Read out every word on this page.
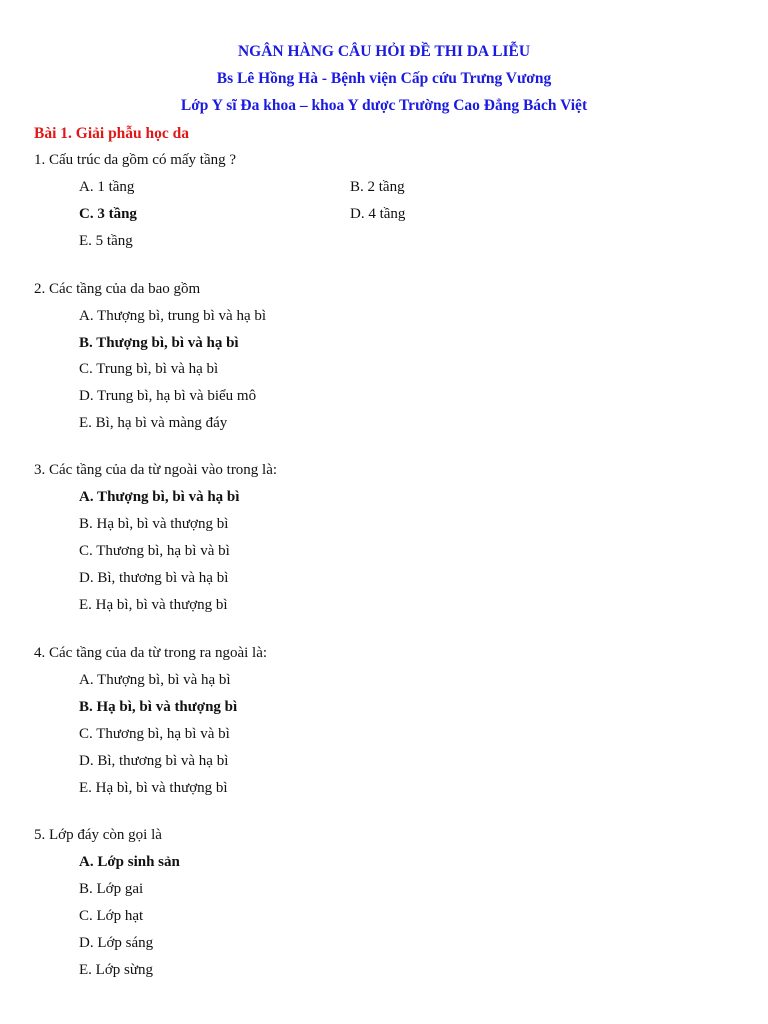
NGÂN HÀNG CÂU HỎI ĐỀ THI DA LIỄU
Bs Lê Hồng Hà - Bệnh viện Cấp cứu Trưng Vương
Lớp Y sĩ Đa khoa – khoa Y dược Trường Cao Đẳng Bách Việt
Bài 1. Giải phẫu học da
1. Cấu trúc da gồm có mấy tầng ?
A. 1 tầng	B. 2 tầng
C. 3 tầng	D. 4 tầng
E. 5 tầng
2. Các tầng của da bao gồm
A. Thượng bì, trung bì và hạ bì
B. Thượng bì, bì và hạ bì
C. Trung bì, bì và hạ bì
D. Trung bì, hạ bì và biểu mô
E. Bì, hạ bì và màng đáy
3. Các tầng của da từ ngoài vào trong là:
A. Thượng bì, bì và hạ bì
B. Hạ bì, bì và thượng bì
C. Thương bì, hạ bì và bì
D. Bì, thương bì và hạ bì
E. Hạ bì, bì và thượng bì
4. Các tầng của da từ trong ra ngoài là:
A. Thượng bì, bì và hạ bì
B. Hạ bì, bì và thượng bì
C. Thương bì, hạ bì và bì
D. Bì, thương bì và hạ bì
E. Hạ bì, bì và thượng bì
5. Lớp đáy còn gọi là
A. Lớp sinh sản
B. Lớp gai
C. Lớp hạt
D. Lớp sáng
E. Lớp sừng
